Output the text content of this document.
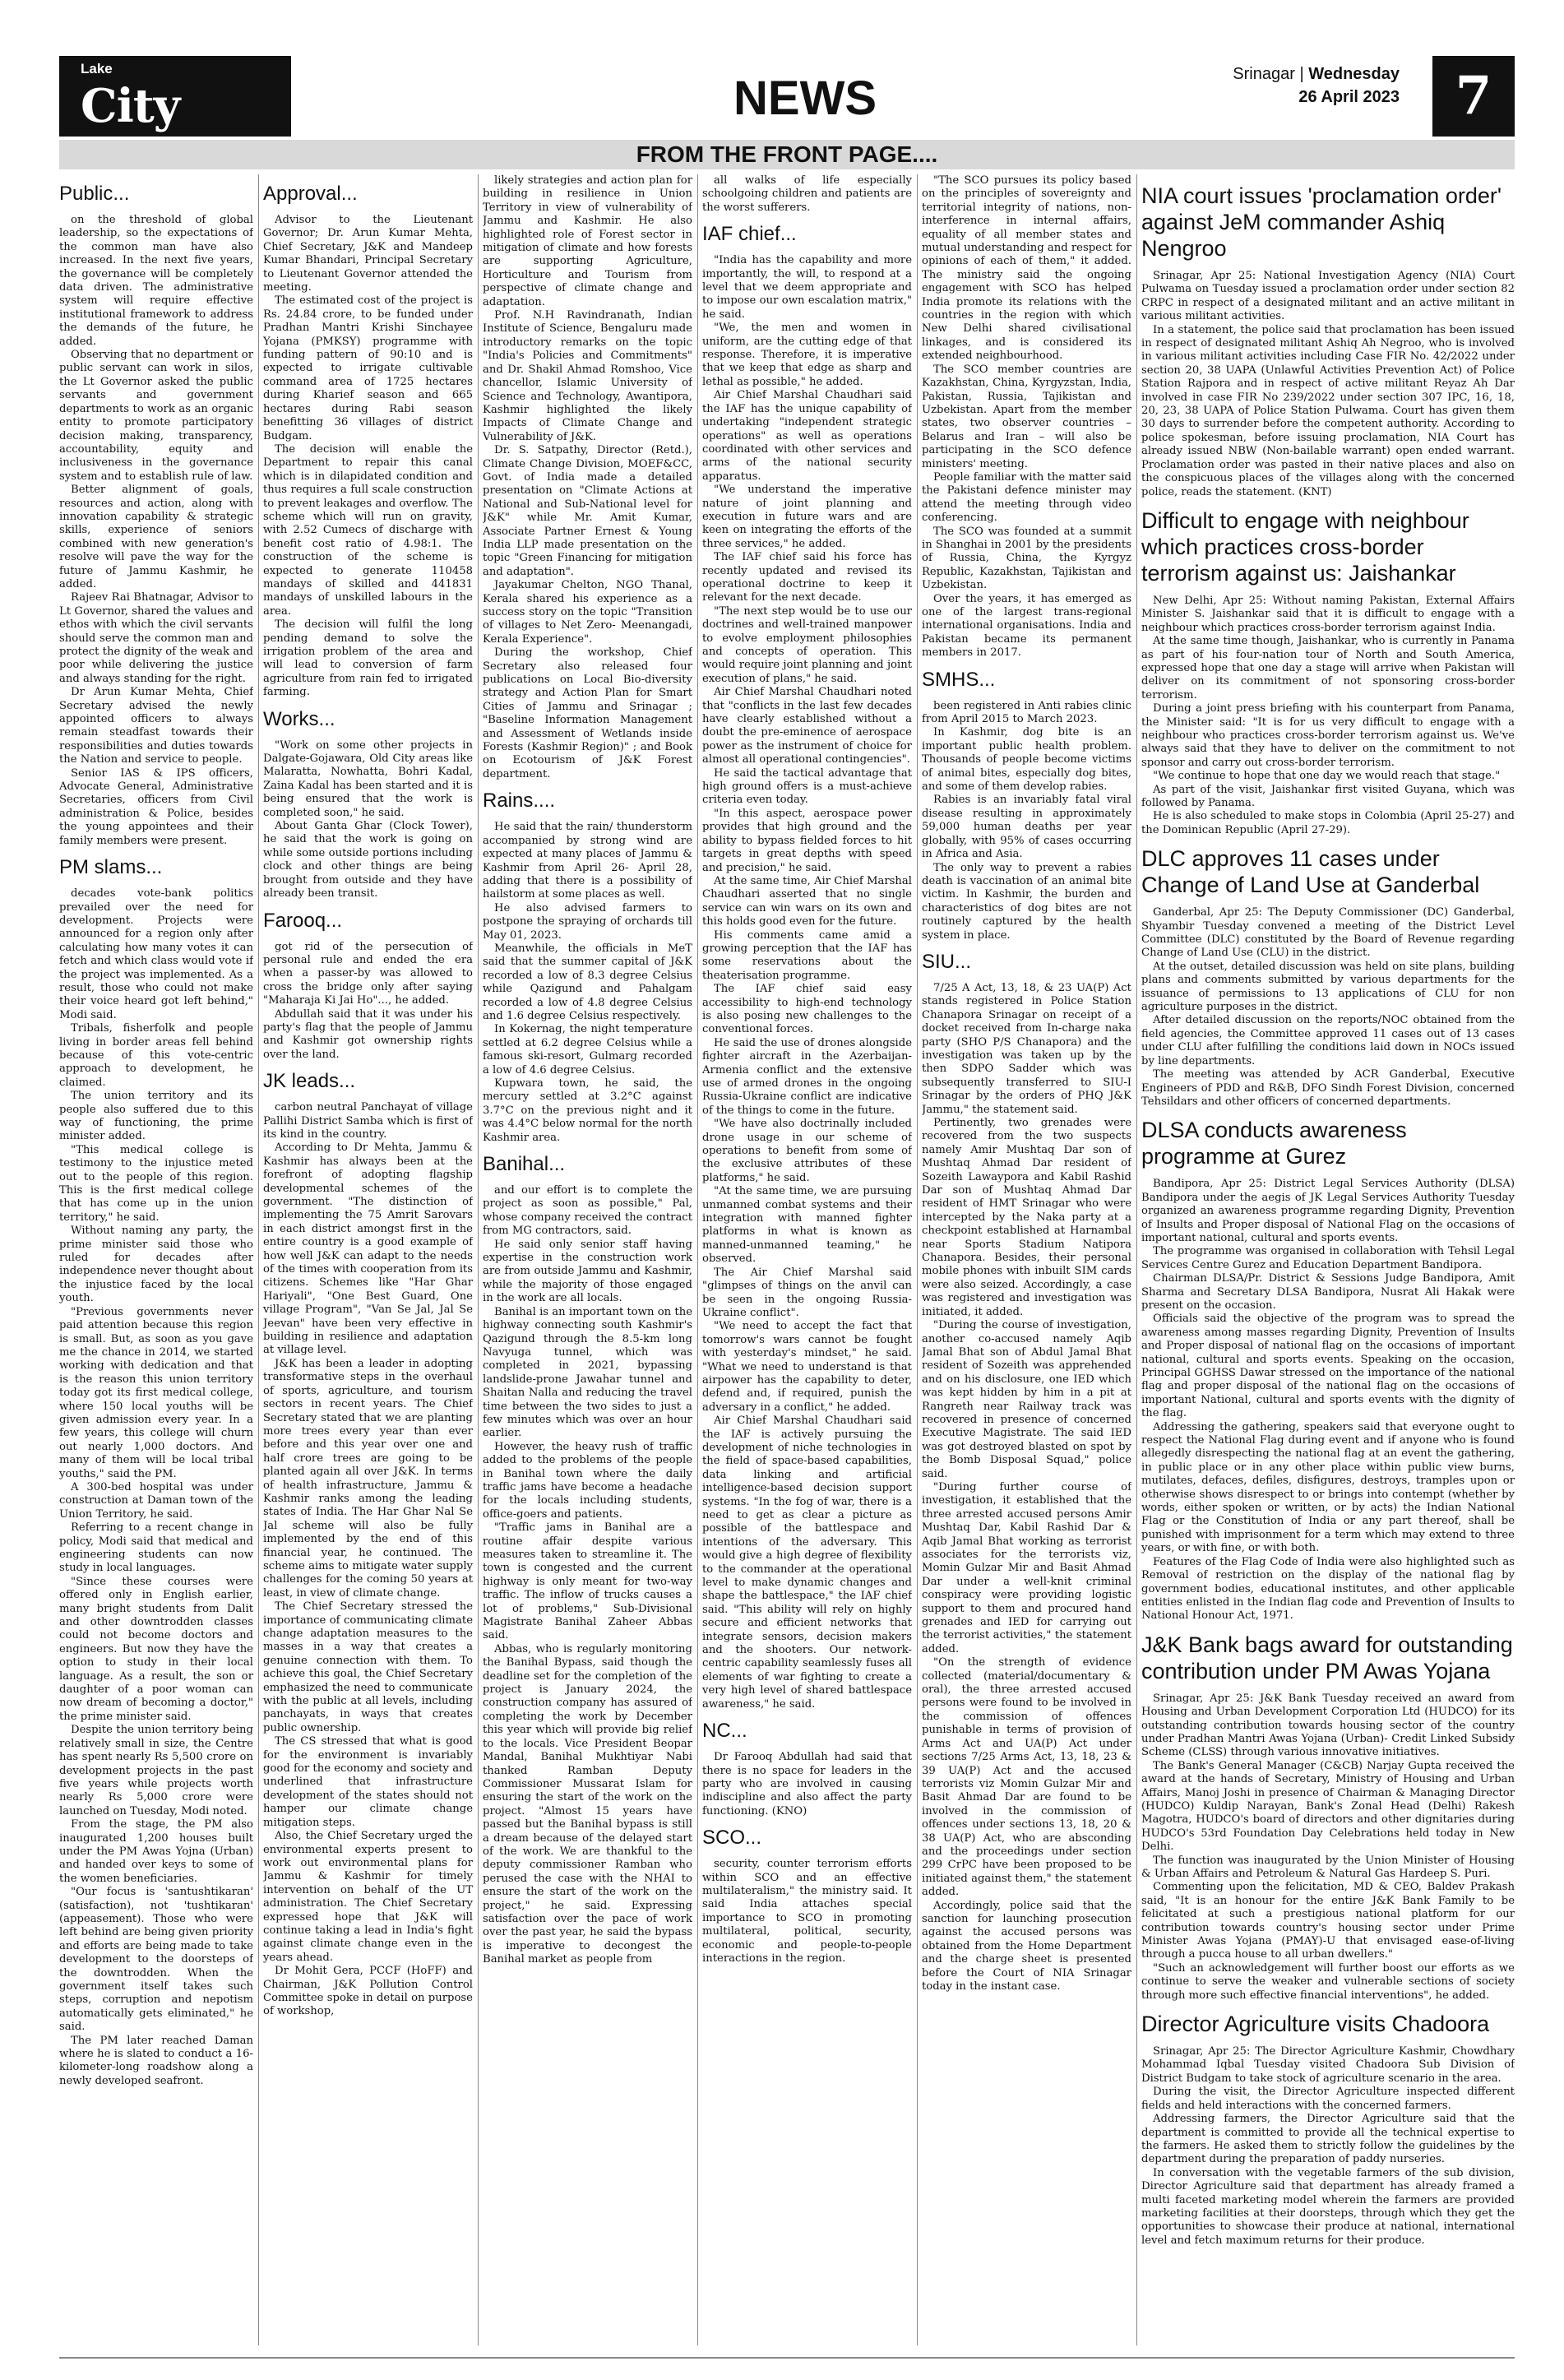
Lake
City	NEWS	Srinagar | Wednesday
26 April 2023	7
FROM THE FRONT PAGE....
Public...

on the threshold of global leadership, so the expectations of the common man have also increased. In the next five years, the governance will be completely data driven. The administrative system will require effective institutional framework to address the demands of the future, he added.

Observing that no department or public servant can work in silos, the Lt Governor asked the public servants and government departments to work as an organic entity to promote participatory decision making, transparency, accountability, equity and inclusiveness in the governance system and to establish rule of law.

Better alignment of goals, resources and action, along with innovation capability & strategic skills, experience of seniors combined with new generation's resolve will pave the way for the future of Jammu Kashmir, he added.

Rajeev Rai Bhatnagar, Advisor to Lt Governor, shared the values and ethos with which the civil servants should serve the common man and protect the dignity of the weak and poor while delivering the justice and always standing for the right.

Dr Arun Kumar Mehta, Chief Secretary advised the newly appointed officers to always remain steadfast towards their responsibilities and duties towards the Nation and service to people.

Senior IAS & IPS officers, Advocate General, Administrative Secretaries, officers from Civil administration & Police, besides the young appointees and their family members were present.

PM slams...

decades vote-bank politics prevailed over the need for development. Projects were announced for a region only after calculating how many votes it can fetch and which class would vote if the project was implemented. As a result, those who could not make their voice heard got left behind," Modi said.

Tribals, fisherfolk and people living in border areas fell behind because of this vote-centric approach to development, he claimed.

The union territory and its people also suffered due to this way of functioning, the prime minister added.

"This medical college is testimony to the injustice meted out to the people of this region. This is the first medical college that has come up in the union territory," he said.

Without naming any party, the prime minister said those who ruled for decades after independence never thought about the injustice faced by the local youth.

"Previous governments never paid attention because this region is small. But, as soon as you gave me the chance in 2014, we started working with dedication and that is the reason this union territory today got its first medical college, where 150 local youths will be given admission every year. In a few years, this college will churn out nearly 1,000 doctors. And many of them will be local tribal youths," said the PM.

A 300-bed hospital was under construction at Daman town of the Union Territory, he said.

Referring to a recent change in policy, Modi said that medical and engineering students can now study in local languages.

"Since these courses were offered only in English earlier, many bright students from Dalit and other downtrodden classes could not become doctors and engineers. But now they have the option to study in their local language. As a result, the son or daughter of a poor woman can now dream of becoming a doctor," the prime minister said.

Despite the union territory being relatively small in size, the Centre has spent nearly Rs 5,500 crore on development projects in the past five years while projects worth nearly Rs 5,000 crore were launched on Tuesday, Modi noted.

From the stage, the PM also inaugurated 1,200 houses built under the PM Awas Yojna (Urban) and handed over keys to some of the women beneficiaries.

"Our focus is 'santushtikaran' (satisfaction), not 'tushtikaran' (appeasement). Those who were left behind are being given priority and efforts are being made to take development to the doorsteps of the downtrodden. When the government itself takes such steps, corruption and nepotism automatically gets eliminated," he said.

The PM later reached Daman where he is slated to conduct a 16-kilometer-long roadshow along a newly developed seafront.

Approval...

Advisor to the Lieutenant Governor; Dr. Arun Kumar Mehta, Chief Secretary, J&K and Mandeep Kumar Bhandari, Principal Secretary to Lieutenant Governor attended the meeting.

The estimated cost of the project is Rs. 24.84 crore, to be funded under Pradhan Mantri Krishi Sinchayee Yojana (PMKSY) programme with funding pattern of 90:10 and is expected to irrigate cultivable command area of 1725 hectares during Kharief season and 665 hectares during Rabi season benefitting 36 villages of district Budgam.

The decision will enable the Department to repair this canal which is in dilapidated condition and thus requires a full scale construction to prevent leakages and overflow. The scheme which will run on gravity, with 2.52 Cumecs of discharge with benefit cost ratio of 4.98:1. The construction of the scheme is expected to generate 110458 mandays of skilled and 441831 mandays of unskilled labours in the area.

The decision will fulfil the long pending demand to solve the irrigation problem of the area and will lead to conversion of farm agriculture from rain fed to irrigated farming.

Works...

"Work on some other projects in Dalgate-Gojawara, Old City areas like Malaratta, Nowhatta, Bohri Kadal, Zaina Kadal has been started and it is being ensured that the work is completed soon," he said.

About Ganta Ghar (Clock Tower), he said that the work is going on while some outside portions including clock and other things are being brought from outside and they have already been transit.

Farooq...

got rid of the persecution of personal rule and ended the era when a passer-by was allowed to cross the bridge only after saying "Maharaja Ki Jai Ho"..., he added.

Abdullah said that it was under his party's flag that the people of Jammu and Kashmir got ownership rights over the land.

JK leads...

carbon neutral Panchayat of village Pallihi District Samba which is first of its kind in the country.

According to Dr Mehta, Jammu & Kashmir has always been at the forefront of adopting flagship developmental schemes of the government. "The distinction of implementing the 75 Amrit Sarovars in each district amongst first in the entire country is a good example of how well J&K can adapt to the needs of the times with cooperation from its citizens. Schemes like "Har Ghar Hariyali", "One Best Guard, One village Program", "Van Se Jal, Jal Se Jeevan" have been very effective in building in resilience and adaptation at village level.

J&K has been a leader in adopting transformative steps in the overhaul of sports, agriculture, and tourism sectors in recent years. The Chief Secretary stated that we are planting more trees every year than ever before and this year over one and half crore trees are going to be planted again all over J&K. In terms of health infrastructure, Jammu & Kashmir ranks among the leading states of India. The Har Ghar Nal Se Jal scheme will also be fully implemented by the end of this financial year, he continued. The scheme aims to mitigate water supply challenges for the coming 50 years at least, in view of climate change.

The Chief Secretary stressed the importance of communicating climate change adaptation measures to the masses in a way that creates a genuine connection with them. To achieve this goal, the Chief Secretary emphasized the need to communicate with the public at all levels, including panchayats, in ways that creates public ownership.

The CS stressed that what is good for the environment is invariably good for the economy and society and underlined that infrastructure development of the states should not hamper our climate change mitigation steps.

Also, the Chief Secretary urged the environmental experts present to work out environmental plans for Jammu & Kashmir for timely intervention on behalf of the UT administration. The Chief Secretary expressed hope that J&K will continue taking a lead in India's fight against climate change even in the years ahead.

Dr Mohit Gera, PCCF (HoFF) and Chairman, J&K Pollution Control Committee spoke in detail on purpose of workshop,

likely strategies and action plan for building in resilience in Union Territory in view of vulnerability of Jammu and Kashmir. He also highlighted role of Forest sector in mitigation of climate and how forests are supporting Agriculture, Horticulture and Tourism from perspective of climate change and adaptation.

Prof. N.H Ravindranath, Indian Institute of Science, Bengaluru made introductory remarks on the topic "India's Policies and Commitments" and Dr. Shakil Ahmad Romshoo, Vice chancellor, Islamic University of Science and Technology, Awantipora, Kashmir highlighted the likely Impacts of Climate Change and Vulnerability of J&K.

Dr. S. Satpathy, Director (Retd.), Climate Change Division, MOEF&CC, Govt. of India made a detailed presentation on "Climate Actions at National and Sub-National level for J&K" while Mr. Amit Kumar, Associate Partner Ernest & Young India LLP made presentation on the topic "Green Financing for mitigation and adaptation".

Jayakumar Chelton, NGO Thanal, Kerala shared his experience as a success story on the topic "Transition of villages to Net Zero- Meenangadi, Kerala Experience".

During the workshop, Chief Secretary also released four publications on Local Bio-diversity strategy and Action Plan for Smart Cities of Jammu and Srinagar ; "Baseline Information Management and Assessment of Wetlands inside Forests (Kashmir Region)" ; and Book on Ecotourism of J&K Forest department.

Rains....

He said that the rain/ thunderstorm accompanied by strong wind are expected at many places of Jammu & Kashmir from April 26- April 28, adding that there is a possibility of hailstorm at some places as well.

He also advised farmers to postpone the spraying of orchards till May 01, 2023.

Meanwhile, the officials in MeT said that the summer capital of J&K recorded a low of 8.3 degree Celsius while Qazigund and Pahalgam recorded a low of 4.8 degree Celsius and 1.6 degree Celsius respectively.

In Kokernag, the night temperature settled at 6.2 degree Celsius while a famous ski-resort, Gulmarg recorded a low of 4.6 degree Celsius.

Kupwara town, he said, the mercury settled at 3.2°C against 3.7°C on the previous night and it was 4.4°C below normal for the north Kashmir area.

Banihal...

and our effort is to complete the project as soon as possible," Pal, whose company received the contract from MG contractors, said.

He said only senior staff having expertise in the construction work are from outside Jammu and Kashmir, while the majority of those engaged in the work are all locals.

Banihal is an important town on the highway connecting south Kashmir's Qazigund through the 8.5-km long Navyuga tunnel, which was completed in 2021, bypassing landslide-prone Jawahar tunnel and Shaitan Nalla and reducing the travel time between the two sides to just a few minutes which was over an hour earlier.

However, the heavy rush of traffic added to the problems of the people in Banihal town where the daily traffic jams have become a headache for the locals including students, office-goers and patients.

"Traffic jams in Banihal are a routine affair despite various measures taken to streamline it. The town is congested and the current highway is only meant for two-way traffic. The inflow of trucks causes a lot of problems," Sub-Divisional Magistrate Banihal Zaheer Abbas said.

Abbas, who is regularly monitoring the Banihal Bypass, said though the deadline set for the completion of the project is January 2024, the construction company has assured of completing the work by December this year which will provide big relief to the locals. Vice President Beopar Mandal, Banihal Mukhtiyar Nabi thanked Ramban Deputy Commissioner Mussarat Islam for ensuring the start of the work on the project. "Almost 15 years have passed but the Banihal bypass is still a dream because of the delayed start of the work. We are thankful to the deputy commissioner Ramban who perused the case with the NHAI to ensure the start of the work on the project," he said. Expressing satisfaction over the pace of work over the past year, he said the bypass is imperative to decongest the Banihal market as people from

all walks of life especially schoolgoing children and patients are the worst sufferers.

IAF chief...

"India has the capability and more importantly, the will, to respond at a level that we deem appropriate and to impose our own escalation matrix," he said.

"We, the men and women in uniform, are the cutting edge of that response. Therefore, it is imperative that we keep that edge as sharp and lethal as possible," he added.

Air Chief Marshal Chaudhari said the IAF has the unique capability of undertaking "independent strategic operations" as well as operations coordinated with other services and arms of the national security apparatus.

"We understand the imperative nature of joint planning and execution in future wars and are keen on integrating the efforts of the three services," he added.

The IAF chief said his force has recently updated and revised its operational doctrine to keep it relevant for the next decade.

"The next step would be to use our doctrines and well-trained manpower to evolve employment philosophies and concepts of operation. This would require joint planning and joint execution of plans," he said.

Air Chief Marshal Chaudhari noted that "conflicts in the last few decades have clearly established without a doubt the pre-eminence of aerospace power as the instrument of choice for almost all operational contingencies".

He said the tactical advantage that high ground offers is a must-achieve criteria even today.

"In this aspect, aerospace power provides that high ground and the ability to bypass fielded forces to hit targets in great depths with speed and precision," he said.

At the same time, Air Chief Marshal Chaudhari asserted that no single service can win wars on its own and this holds good even for the future.

His comments came amid a growing perception that the IAF has some reservations about the theaterisation programme.

The IAF chief said easy accessibility to high-end technology is also posing new challenges to the conventional forces.

He said the use of drones alongside fighter aircraft in the Azerbaijan-Armenia conflict and the extensive use of armed drones in the ongoing Russia-Ukraine conflict are indicative of the things to come in the future.

"We have also doctrinally included drone usage in our scheme of operations to benefit from some of the exclusive attributes of these platforms," he said.

"At the same time, we are pursuing unmanned combat systems and their integration with manned fighter platforms in what is known as manned-unmanned teaming," he observed.

The Air Chief Marshal said "glimpses of things on the anvil can be seen in the ongoing Russia-Ukraine conflict".

"We need to accept the fact that tomorrow's wars cannot be fought with yesterday's mindset," he said. "What we need to understand is that airpower has the capability to deter, defend and, if required, punish the adversary in a conflict," he added.

Air Chief Marshal Chaudhari said the IAF is actively pursuing the development of niche technologies in the field of space-based capabilities, data linking and artificial intelligence-based decision support systems. "In the fog of war, there is a need to get as clear a picture as possible of the battlespace and intentions of the adversary. This would give a high degree of flexibility to the commander at the operational level to make dynamic changes and shape the battlespace," the IAF chief said. "This ability will rely on highly secure and efficient networks that integrate sensors, decision makers and the shooters. Our network-centric capability seamlessly fuses all elements of war fighting to create a very high level of shared battlespace awareness," he said.

NC...

Dr Farooq Abdullah had said that there is no space for leaders in the party who are involved in causing indiscipline and also affect the party functioning. (KNO)

SCO...

security, counter terrorism efforts within SCO and an effective multilateralism," the ministry said. It said India attaches special importance to SCO in promoting multilateral, political, security, economic and people-to-people interactions in the region.

"The SCO pursues its policy based on the principles of sovereignty and territorial integrity of nations, non-interference in internal affairs, equality of all member states and mutual understanding and respect for opinions of each of them," it added. The ministry said the ongoing engagement with SCO has helped India promote its relations with the countries in the region with which New Delhi shared civilisational linkages, and is considered its extended neighbourhood.

The SCO member countries are Kazakhstan, China, Kyrgyzstan, India, Pakistan, Russia, Tajikistan and Uzbekistan. Apart from the member states, two observer countries – Belarus and Iran – will also be participating in the SCO defence ministers' meeting.

People familiar with the matter said the Pakistani defence minister may attend the meeting through video conferencing.

The SCO was founded at a summit in Shanghai in 2001 by the presidents of Russia, China, the Kyrgyz Republic, Kazakhstan, Tajikistan and Uzbekistan.

Over the years, it has emerged as one of the largest trans-regional international organisations. India and Pakistan became its permanent members in 2017.

SMHS...

been registered in Anti rabies clinic from April 2015 to March 2023.

In Kashmir, dog bite is an important public health problem. Thousands of people become victims of animal bites, especially dog bites, and some of them develop rabies.

Rabies is an invariably fatal viral disease resulting in approximately 59,000 human deaths per year globally, with 95% of cases occurring in Africa and Asia.

The only way to prevent a rabies death is vaccination of an animal bite victim. In Kashmir, the burden and characteristics of dog bites are not routinely captured by the health system in place.

SIU...

7/25 A Act, 13, 18, & 23 UA(P) Act stands registered in Police Station Chanapora Srinagar on receipt of a docket received from In-charge naka party (SHO P/S Chanapora) and the investigation was taken up by the then SDPO Sadder which was subsequently transferred to SIU-I Srinagar by the orders of PHQ J&K Jammu," the statement said.

Pertinently, two grenades were recovered from the two suspects namely Amir Mushtaq Dar son of Mushtaq Ahmad Dar resident of Sozeith Lawaypora and Kabil Rashid Dar son of Mushtaq Ahmad Dar resident of HMT Srinagar who were intercepted by the Naka party at a checkpoint established at Harnambal near Sports Stadium Natipora Chanapora. Besides, their personal mobile phones with inbuilt SIM cards were also seized. Accordingly, a case was registered and investigation was initiated, it added.

"During the course of investigation, another co-accused namely Aqib Jamal Bhat son of Abdul Jamal Bhat resident of Sozeith was apprehended and on his disclosure, one IED which was kept hidden by him in a pit at Rangreth near Railway track was recovered in presence of concerned Executive Magistrate. The said IED was got destroyed blasted on spot by the Bomb Disposal Squad," police said.

"During further course of investigation, it established that the three arrested accused persons Amir Mushtaq Dar, Kabil Rashid Dar & Aqib Jamal Bhat working as terrorist associates for the terrorists viz, Momin Gulzar Mir and Basit Ahmad Dar under a well-knit criminal conspiracy were providing logistic support to them and procured hand grenades and IED for carrying out the terrorist activities," the statement added.

"On the strength of evidence collected (material/documentary & oral), the three arrested accused persons were found to be involved in the commission of offences punishable in terms of provision of Arms Act and UA(P) Act under sections 7/25 Arms Act, 13, 18, 23 & 39 UA(P) Act and the accused terrorists viz Momin Gulzar Mir and Basit Ahmad Dar are found to be involved in the commission of offences under sections 13, 18, 20 & 38 UA(P) Act, who are absconding and the proceedings under section 299 CrPC have been proposed to be initiated against them," the statement added.

Accordingly, police said that the sanction for launching prosecution against the accused persons was obtained from the Home Department and the charge sheet is presented before the Court of NIA Srinagar today in the instant case.

NIA court issues 'proclamation order' against JeM commander Ashiq Nengroo

Srinagar, Apr 25: National Investigation Agency (NIA) Court Pulwama on Tuesday issued a proclamation order under section 82 CRPC in respect of a designated militant and an active militant in various militant activities.

In a statement, the police said that proclamation has been issued in respect of designated militant Ashiq Ah Negroo, who is involved in various militant activities including Case FIR No. 42/2022 under section 20, 38 UAPA (Unlawful Activities Prevention Act) of Police Station Rajpora and in respect of active militant Reyaz Ah Dar involved in case FIR No 239/2022 under section 307 IPC, 16, 18, 20, 23, 38 UAPA of Police Station Pulwama. Court has given them 30 days to surrender before the competent authority. According to police spokesman, before issuing proclamation, NIA Court has already issued NBW (Non-bailable warrant) open ended warrant. Proclamation order was pasted in their native places and also on the conspicuous places of the villages along with the concerned police, reads the statement. (KNT)

Difficult to engage with neighbour which practices cross-border terrorism against us: Jaishankar

New Delhi, Apr 25: Without naming Pakistan, External Affairs Minister S. Jaishankar said that it is difficult to engage with a neighbour which practices cross-border terrorism against India.

At the same time though, Jaishankar, who is currently in Panama as part of his four-nation tour of North and South America, expressed hope that one day a stage will arrive when Pakistan will deliver on its commitment of not sponsoring cross-border terrorism.

During a joint press briefing with his counterpart from Panama, the Minister said: "It is for us very difficult to engage with a neighbour who practices cross-border terrorism against us. We've always said that they have to deliver on the commitment to not sponsor and carry out cross-border terrorism.

"We continue to hope that one day we would reach that stage."

As part of the visit, Jaishankar first visited Guyana, which was followed by Panama.

He is also scheduled to make stops in Colombia (April 25-27) and the Dominican Republic (April 27-29).

DLC approves 11 cases under Change of Land Use at Ganderbal

Ganderbal, Apr 25: The Deputy Commissioner (DC) Ganderbal, Shyambir Tuesday convened a meeting of the District Level Committee (DLC) constituted by the Board of Revenue regarding Change of Land Use (CLU) in the district.

At the outset, detailed discussion was held on site plans, building plans and comments submitted by various departments for the issuance of permissions to 13 applications of CLU for non agriculture purposes in the district.

After detailed discussion on the reports/NOC obtained from the field agencies, the Committee approved 11 cases out of 13 cases under CLU after fulfilling the conditions laid down in NOCs issued by line departments.

The meeting was attended by ACR Ganderbal, Executive Engineers of PDD and R&B, DFO Sindh Forest Division, concerned Tehsildars and other officers of concerned departments.

DLSA conducts awareness programme at Gurez

Bandipora, Apr 25: District Legal Services Authority (DLSA) Bandipora under the aegis of JK Legal Services Authority Tuesday organized an awareness programme regarding Dignity, Prevention of Insults and Proper disposal of National Flag on the occasions of important national, cultural and sports events.

The programme was organised in collaboration with Tehsil Legal Services Centre Gurez and Education Department Bandipora.

Chairman DLSA/Pr. District & Sessions Judge Bandipora, Amit Sharma and Secretary DLSA Bandipora, Nusrat Ali Hakak were present on the occasion.

Officials said the objective of the program was to spread the awareness among masses regarding Dignity, Prevention of Insults and Proper disposal of national flag on the occasions of important national, cultural and sports events. Speaking on the occasion, Principal GGHSS Dawar stressed on the importance of the national flag and proper disposal of the national flag on the occasions of important National, cultural and sports events with the dignity of the flag.

Addressing the gathering, speakers said that everyone ought to respect the National Flag during event and if anyone who is found allegedly disrespecting the national flag at an event the gathering, in public place or in any other place within public view burns, mutilates, defaces, defiles, disfigures, destroys, tramples upon or otherwise shows disrespect to or brings into contempt (whether by words, either spoken or written, or by acts) the Indian National Flag or the Constitution of India or any part thereof, shall be punished with imprisonment for a term which may extend to three years, or with fine, or with both.

Features of the Flag Code of India were also highlighted such as Removal of restriction on the display of the national flag by government bodies, educational institutes, and other applicable entities enlisted in the Indian flag code and Prevention of Insults to National Honour Act, 1971.

J&K Bank bags award for outstanding contribution under PM Awas Yojana

Srinagar, Apr 25: J&K Bank Tuesday received an award from Housing and Urban Development Corporation Ltd (HUDCO) for its outstanding contribution towards housing sector of the country under Pradhan Mantri Awas Yojana (Urban)- Credit Linked Subsidy Scheme (CLSS) through various innovative initiatives.

The Bank's General Manager (C&CB) Narjay Gupta received the award at the hands of Secretary, Ministry of Housing and Urban Affairs, Manoj Joshi in presence of Chairman & Managing Director (HUDCO) Kuldip Narayan, Bank's Zonal Head (Delhi) Rakesh Magotra, HUDCO's board of directors and other dignitaries during HUDCO's 53rd Foundation Day Celebrations held today in New Delhi.

The function was inaugurated by the Union Minister of Housing & Urban Affairs and Petroleum & Natural Gas Hardeep S. Puri.

Commenting upon the felicitation, MD & CEO, Baldev Prakash said, "It is an honour for the entire J&K Bank Family to be felicitated at such a prestigious national platform for our contribution towards country's housing sector under Prime Minister Awas Yojana (PMAY)-U that envisaged ease-of-living through a pucca house to all urban dwellers."

"Such an acknowledgement will further boost our efforts as we continue to serve the weaker and vulnerable sections of society through more such effective financial interventions", he added.

Director Agriculture visits Chadoora

Srinagar, Apr 25: The Director Agriculture Kashmir, Chowdhary Mohammad Iqbal Tuesday visited Chadoora Sub Division of District Budgam to take stock of agriculture scenario in the area.

During the visit, the Director Agriculture inspected different fields and held interactions with the concerned farmers.

Addressing farmers, the Director Agriculture said that the department is committed to provide all the technical expertise to the farmers. He asked them to strictly follow the guidelines by the department during the preparation of paddy nurseries.

In conversation with the vegetable farmers of the sub division, Director Agriculture said that department has already framed a multi faceted marketing model wherein the farmers are provided marketing facilities at their doorsteps, through which they get the opportunities to showcase their produce at national, international level and fetch maximum returns for their produce.
